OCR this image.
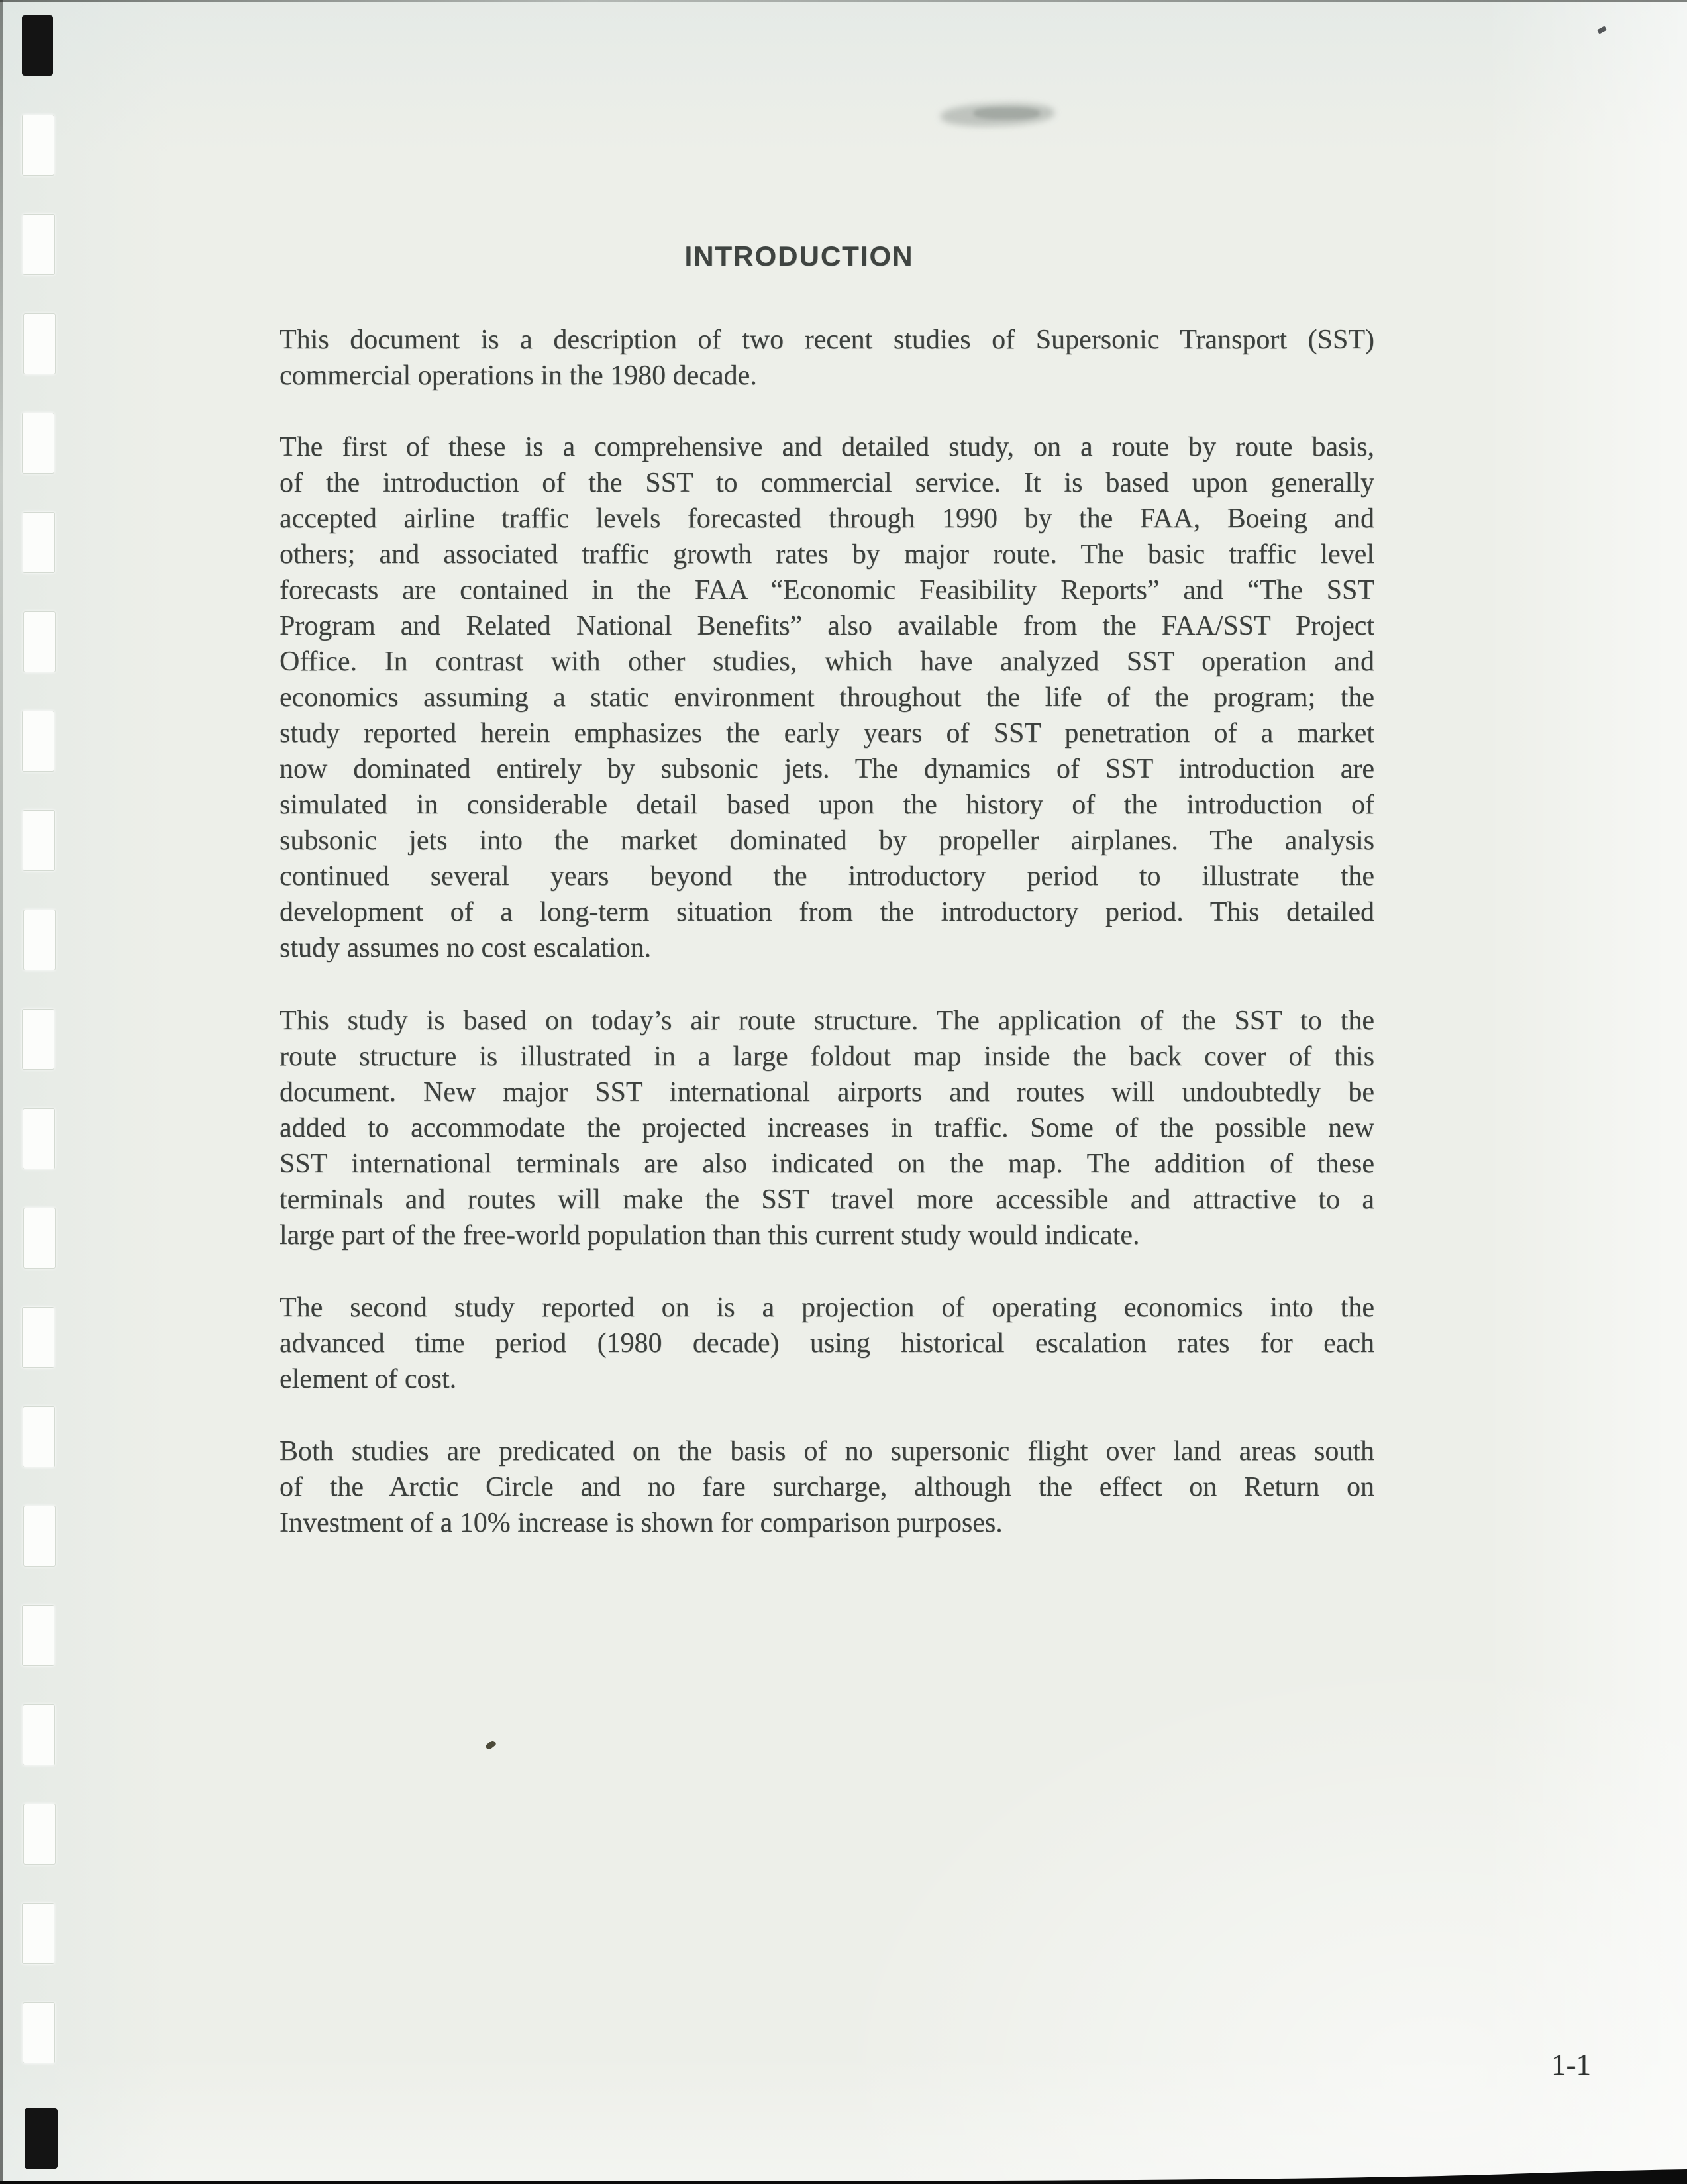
INTRODUCTION
This document is a description of two recent studies of Supersonic Transport (SST)
commercial operations in the 1980 decade.
The first of these is a comprehensive and detailed study, on a route by route basis,
of the introduction of the SST to commercial service. It is based upon generally
accepted airline traffic levels forecasted through 1990 by the FAA, Boeing and
others; and associated traffic growth rates by major route. The basic traffic level
forecasts are contained in the FAA “Economic Feasibility Reports” and “The SST
Program and Related National Benefits” also available from the FAA/SST Project
Office. In contrast with other studies, which have analyzed SST operation and
economics assuming a static environment throughout the life of the program; the
study reported herein emphasizes the early years of SST penetration of a market
now dominated entirely by subsonic jets. The dynamics of SST introduction are
simulated in considerable detail based upon the history of the introduction of
subsonic jets into the market dominated by propeller airplanes. The analysis
continued several years beyond the introductory period to illustrate the
development of a long-term situation from the introductory period. This detailed
study assumes no cost escalation.
This study is based on today’s air route structure. The application of the SST to the
route structure is illustrated in a large foldout map inside the back cover of this
document. New major SST international airports and routes will undoubtedly be
added to accommodate the projected increases in traffic. Some of the possible new
SST international terminals are also indicated on the map. The addition of these
terminals and routes will make the SST travel more accessible and attractive to a
large part of the free-world population than this current study would indicate.
The second study reported on is a projection of operating economics into the
advanced time period (1980 decade) using historical escalation rates for each
element of cost.
Both studies are predicated on the basis of no supersonic flight over land areas south
of the Arctic Circle and no fare surcharge, although the effect on Return on
Investment of a 10% increase is shown for comparison purposes.
1-1
